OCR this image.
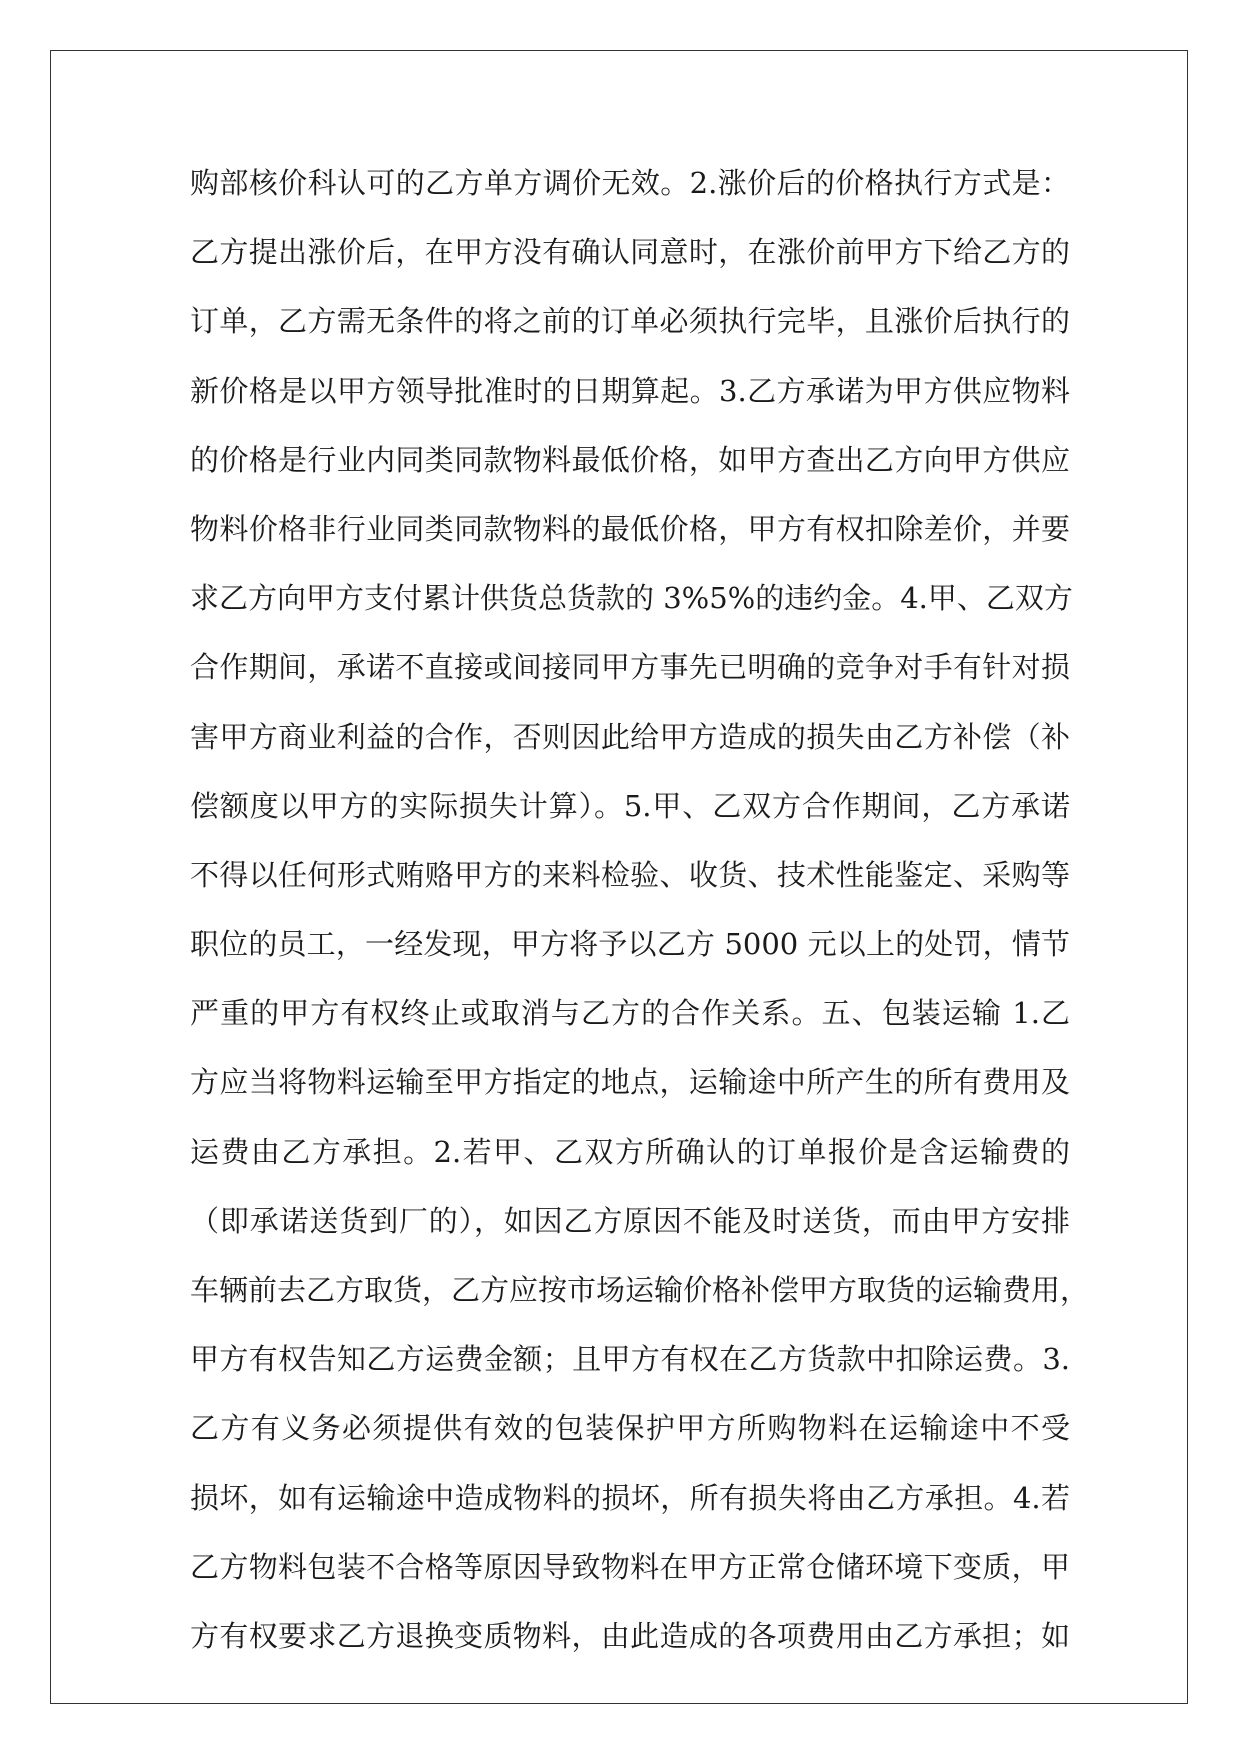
购部核价科认可的乙方单方调价无效。2.涨价后的价格执行方式是：
乙方提出涨价后，在甲方没有确认同意时，在涨价前甲方下给乙方的
订单，乙方需无条件的将之前的订单必须执行完毕，且涨价后执行的
新价格是以甲方领导批准时的日期算起。3.乙方承诺为甲方供应物料
的价格是行业内同类同款物料最低价格，如甲方查出乙方向甲方供应
物料价格非行业同类同款物料的最低价格，甲方有权扣除差价，并要
求乙方向甲方支付累计供货总货款的 3%5%的违约金。4.甲、乙双方
合作期间，承诺不直接或间接同甲方事先已明确的竞争对手有针对损
害甲方商业利益的合作，否则因此给甲方造成的损失由乙方补偿（补
偿额度以甲方的实际损失计算）。5.甲、乙双方合作期间，乙方承诺
不得以任何形式贿赂甲方的来料检验、收货、技术性能鉴定、采购等
职位的员工，一经发现，甲方将予以乙方 5000 元以上的处罚，情节
严重的甲方有权终止或取消与乙方的合作关系。五、包装运输 1.乙
方应当将物料运输至甲方指定的地点，运输途中所产生的所有费用及
运费由乙方承担。2.若甲、乙双方所确认的订单报价是含运输费的
（即承诺送货到厂的），如因乙方原因不能及时送货，而由甲方安排
车辆前去乙方取货，乙方应按市场运输价格补偿甲方取货的运输费用，
甲方有权告知乙方运费金额；且甲方有权在乙方货款中扣除运费。3.
乙方有义务必须提供有效的包装保护甲方所购物料在运输途中不受
损坏，如有运输途中造成物料的损坏，所有损失将由乙方承担。4.若
乙方物料包装不合格等原因导致物料在甲方正常仓储环境下变质，甲
方有权要求乙方退换变质物料，由此造成的各项费用由乙方承担；如
